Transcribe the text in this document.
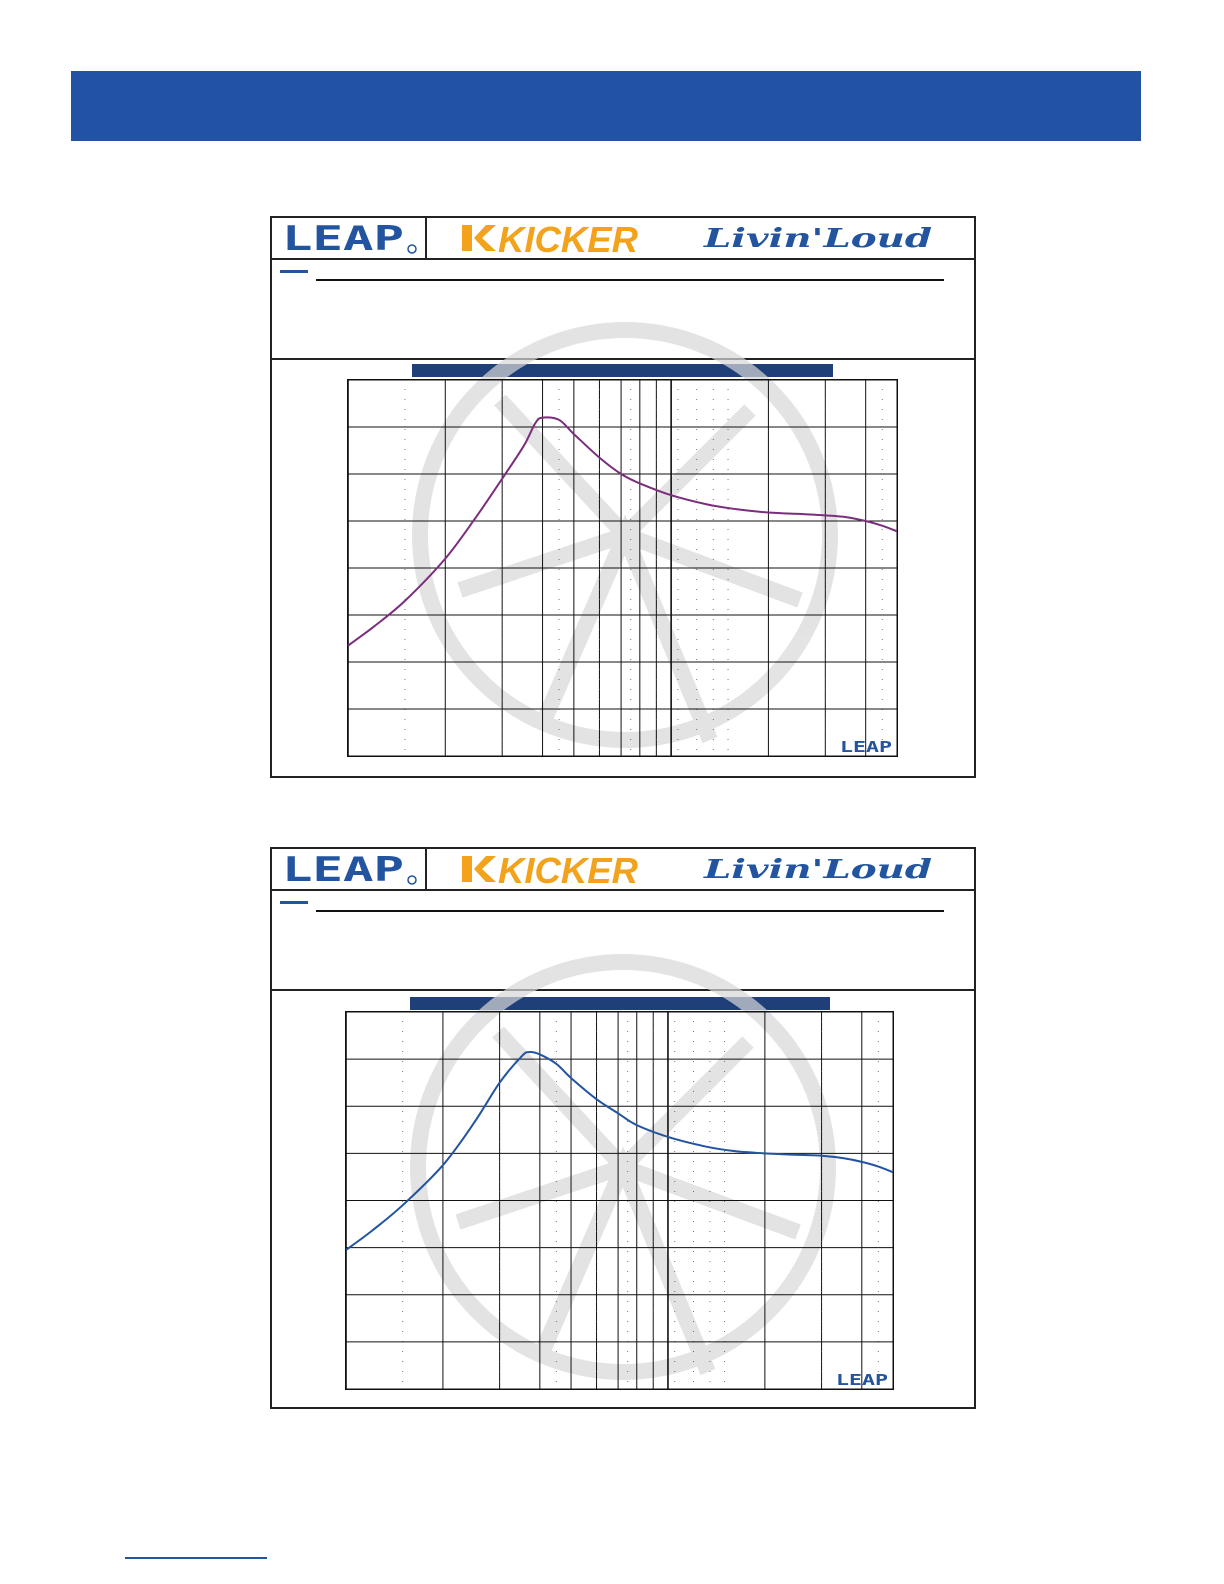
LEAP	KICKER Livin'Loud
LEAP	KICKER Livin'Loud
LEAP
LEAP
